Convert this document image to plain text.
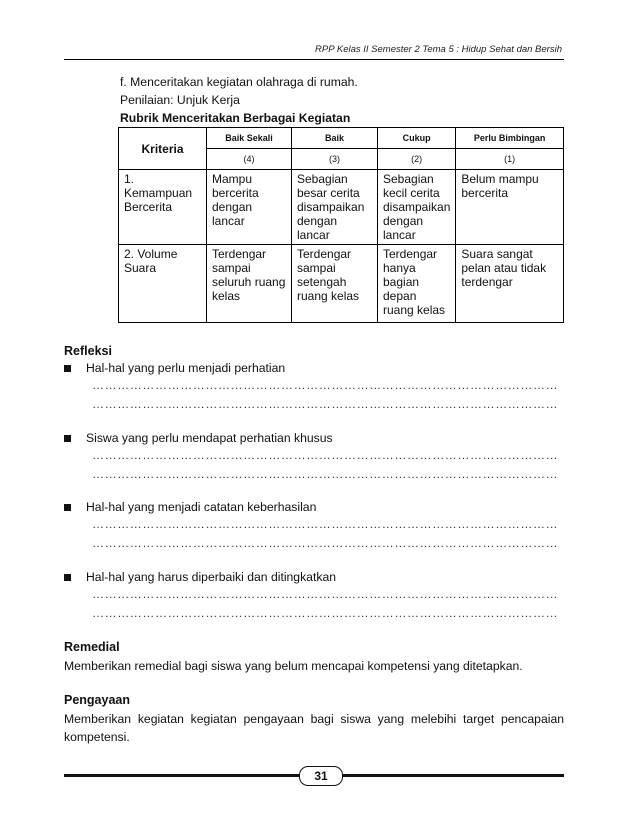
RPP Kelas II Semester 2 Tema 5 : Hidup Sehat dan Bersih
f. Menceritakan kegiatan olahraga di rumah.
Penilaian: Unjuk Kerja
Rubrik Menceritakan Berbagai Kegiatan
Kriteria	Baik Sekali	Baik	Cukup	Perlu Bimbingan
	(4)	(3)	(2)	(1)
1. Kemampuan Bercerita	Mampu bercerita dengan lancar	Sebagian besar cerita disampaikan dengan lancar	Sebagian kecil cerita disampaikan dengan lancar	Belum mampu bercerita
2. Volume Suara	Terdengar sampai seluruh ruang kelas	Terdengar sampai setengah ruang kelas	Terdengar hanya bagian depan ruang kelas	Suara sangat pelan atau tidak terdengar
Refleksi
Hal-hal yang perlu menjadi perhatian
…………………………………………………………………………………………………
…………………………………………………………………………………………………
Siswa yang perlu mendapat perhatian khusus
…………………………………………………………………………………………………
…………………………………………………………………………………………………
Hal-hal yang menjadi catatan keberhasilan
…………………………………………………………………………………………………
…………………………………………………………………………………………………
Hal-hal yang harus diperbaiki dan ditingkatkan
…………………………………………………………………………………………………
…………………………………………………………………………………………………
Remedial
Memberikan remedial bagi siswa yang belum mencapai kompetensi yang ditetapkan.
Pengayaan
Memberikan kegiatan kegiatan pengayaan bagi siswa yang melebihi target pencapaian kompetensi.
31
